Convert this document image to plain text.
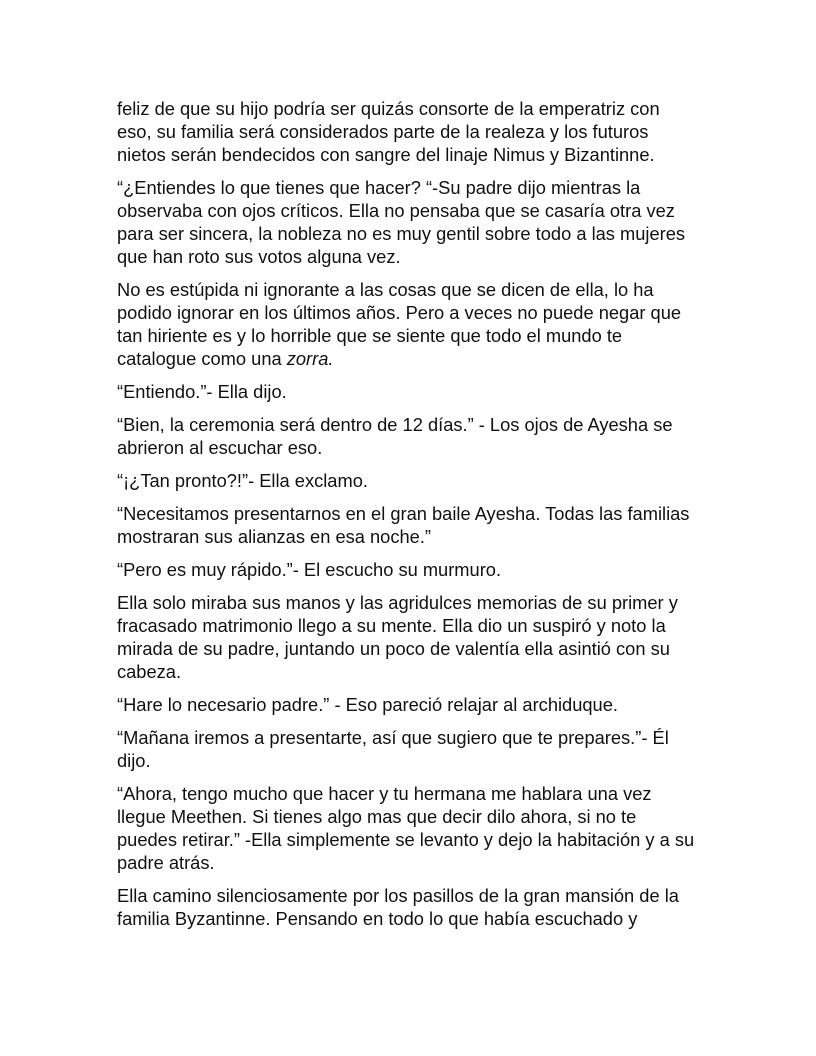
feliz de que su hijo podría ser quizás consorte de la emperatriz con
eso, su familia será considerados parte de la realeza y los futuros
nietos serán bendecidos con sangre del linaje Nimus y Bizantinne.

“¿Entiendes lo que tienes que hacer? “-Su padre dijo mientras la
observaba con ojos críticos. Ella no pensaba que se casaría otra vez
para ser sincera, la nobleza no es muy gentil sobre todo a las mujeres
que han roto sus votos alguna vez.

No es estúpida ni ignorante a las cosas que se dicen de ella, lo ha
podido ignorar en los últimos años. Pero a veces no puede negar que
tan hiriente es y lo horrible que se siente que todo el mundo te
catalogue como una zorra.

“Entiendo.”- Ella dijo.

“Bien, la ceremonia será dentro de 12 días.” - Los ojos de Ayesha se
abrieron al escuchar eso.

“¡¿Tan pronto?!”- Ella exclamo.

“Necesitamos presentarnos en el gran baile Ayesha. Todas las familias
mostraran sus alianzas en esa noche.”

“Pero es muy rápido.”- El escucho su murmuro.

Ella solo miraba sus manos y las agridulces memorias de su primer y
fracasado matrimonio llego a su mente. Ella dio un suspiró y noto la
mirada de su padre, juntando un poco de valentía ella asintió con su
cabeza.

“Hare lo necesario padre.” - Eso pareció relajar al archiduque.

“Mañana iremos a presentarte, así que sugiero que te prepares.”- Él
dijo.

“Ahora, tengo mucho que hacer y tu hermana me hablara una vez
llegue Meethen. Si tienes algo mas que decir dilo ahora, si no te
puedes retirar.” -Ella simplemente se levanto y dejo la habitación y a su
padre atrás.

Ella camino silenciosamente por los pasillos de la gran mansión de la
familia Byzantinne. Pensando en todo lo que había escuchado y
